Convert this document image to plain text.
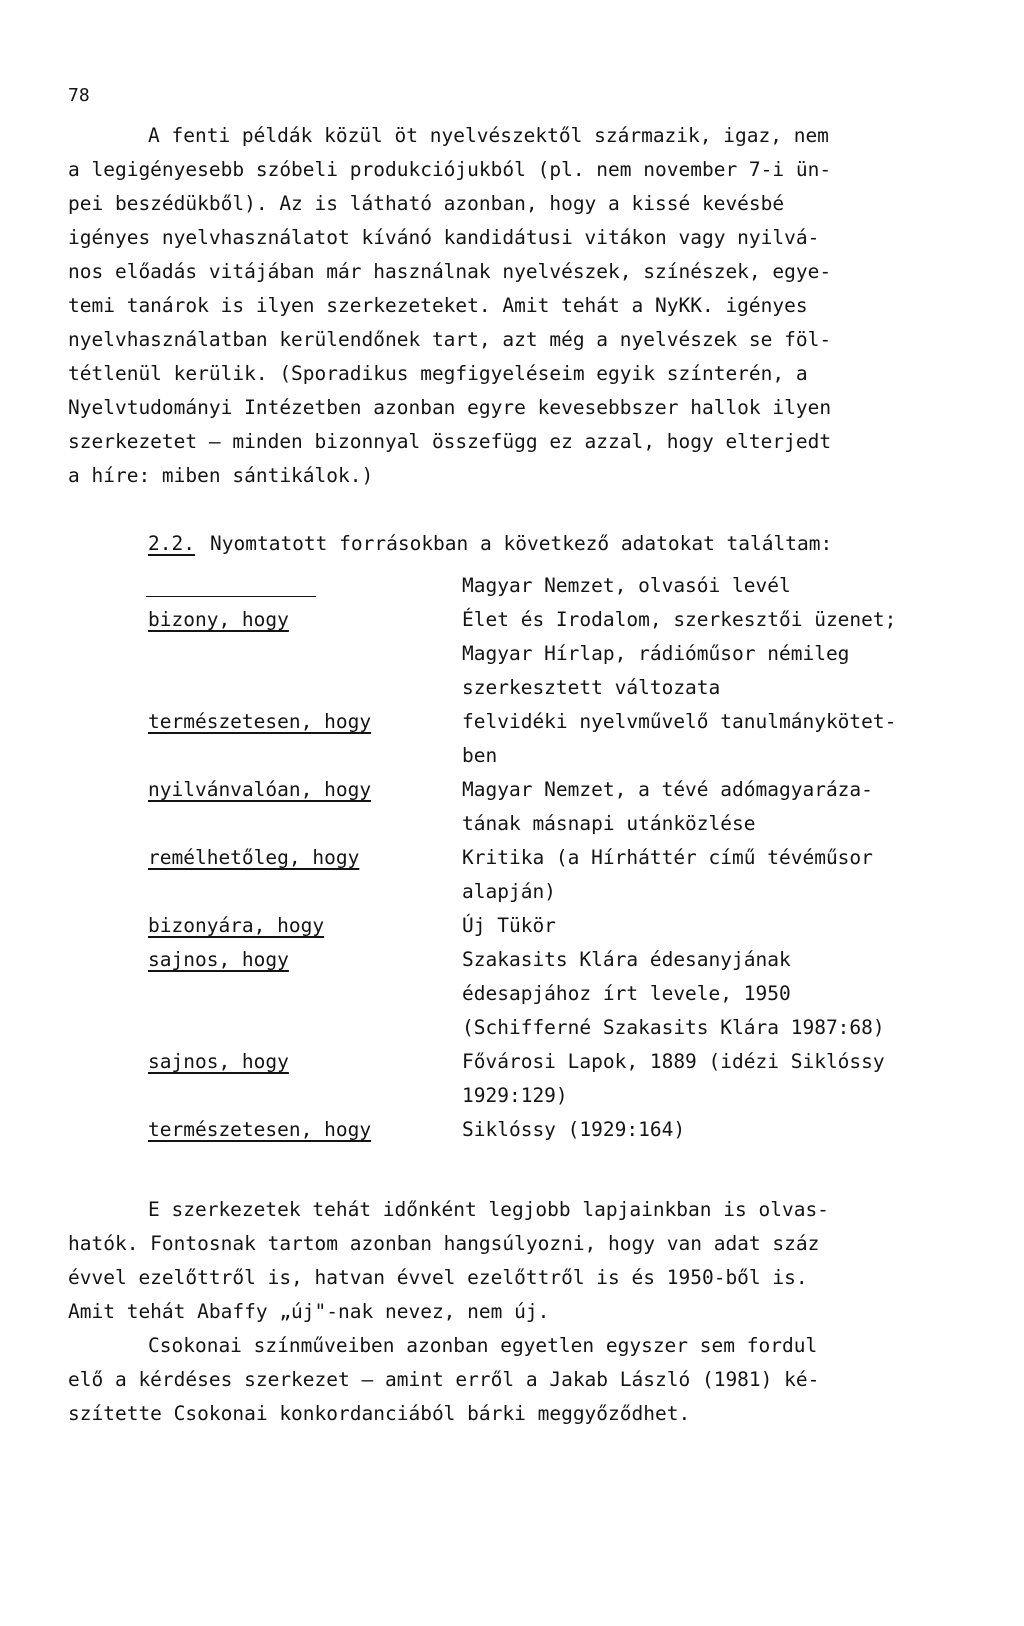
78
A fenti példák közül öt nyelvészektől származik, igaz, nem
a legigényesebb szóbeli produkciójukból (pl. nem november 7-i ün-
pei beszédükből). Az is látható azonban, hogy a kissé kevésbé
igényes nyelvhasználatot kívánó kandidátusi vitákon vagy nyilvá-
nos előadás vitájában már használnak nyelvészek, színészek, egye-
temi tanárok is ilyen szerkezeteket. Amit tehát a NyKK. igényes
nyelvhasználatban kerülendőnek tart, azt még a nyelvészek se föl-
tétlenül kerülik. (Sporadikus megfigyeléseim egyik színterén, a
Nyelvtudományi Intézetben azonban egyre kevesebbszer hallok ilyen
szerkezetet — minden bizonnyal összefügg ez azzal, hogy elterjedt
a híre: miben sántikálok.)
2.2. Nyomtatott forrásokban a következő adatokat találtam:
bizony, hogy
természetesen, hogy
nyilvánvalóan, hogy
remélhetőleg, hogy
bizonyára, hogy
sajnos, hogy
sajnos, hogy
természetesen, hogy
Magyar Nemzet, olvasói levél
Élet és Irodalom, szerkesztői üzenet;
Magyar Hírlap, rádióműsor némileg
szerkesztett változata
felvidéki nyelvművelő tanulmánykötet-
ben
Magyar Nemzet, a tévé adómagyaráza-
tának másnapi utánközlése
Kritika (a Hírháttér című tévéműsor
alapján)
Új Tükör
Szakasits Klára édesanyjának
édesapjához írt levele, 1950
(Schifferné Szakasits Klára 1987:68)
Fővárosi Lapok, 1889 (idézi Siklóssy
1929:129)
Siklóssy (1929:164)
E szerkezetek tehát időnként legjobb lapjainkban is olvas-
hatók. Fontosnak tartom azonban hangsúlyozni, hogy van adat száz
évvel ezelőttről is, hatvan évvel ezelőttről is és 1950-ből is.
Amit tehát Abaffy „új"-nak nevez, nem új.
Csokonai színműveiben azonban egyetlen egyszer sem fordul
elő a kérdéses szerkezet — amint erről a Jakab László (1981) ké-
szítette Csokonai konkordanciából bárki meggyőződhet.
